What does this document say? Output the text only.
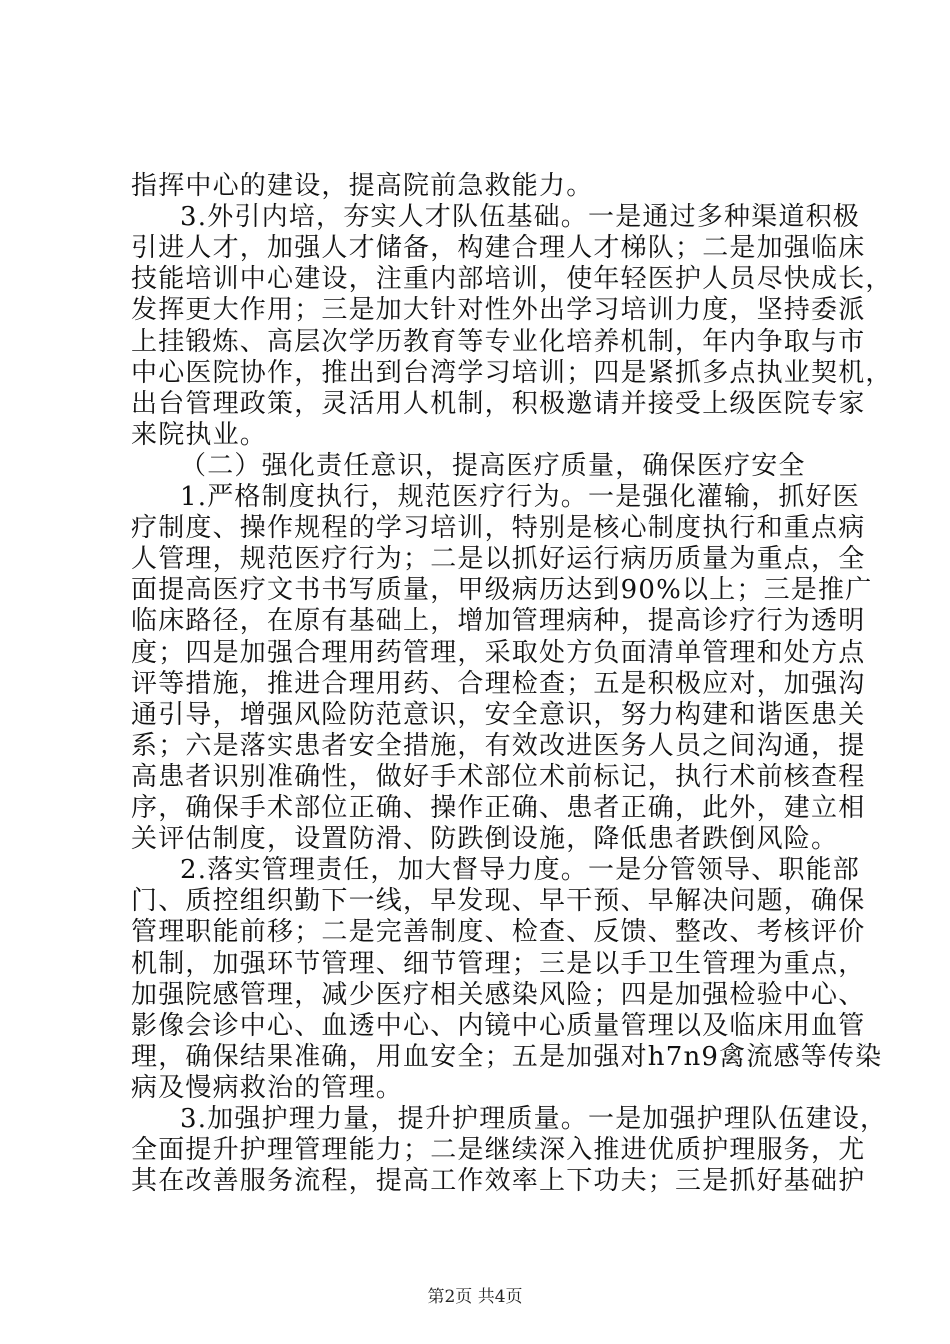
指挥中心的建设，提高院前急救能力。
3.外引内培，夯实人才队伍基础。一是通过多种渠道积极
引进人才，加强人才储备，构建合理人才梯队；二是加强临床
技能培训中心建设，注重内部培训，使年轻医护人员尽快成长，
发挥更大作用；三是加大针对性外出学习培训力度，坚持委派
上挂锻炼、高层次学历教育等专业化培养机制，年内争取与市
中心医院协作，推出到台湾学习培训；四是紧抓多点执业契机，
出台管理政策，灵活用人机制，积极邀请并接受上级医院专家
来院执业。
（二）强化责任意识，提高医疗质量，确保医疗安全
1.严格制度执行，规范医疗行为。一是强化灌输，抓好医
疗制度、操作规程的学习培训，特别是核心制度执行和重点病
人管理，规范医疗行为；二是以抓好运行病历质量为重点，全
面提高医疗文书书写质量，甲级病历达到90%以上；三是推广
临床路径，在原有基础上，增加管理病种，提高诊疗行为透明
度；四是加强合理用药管理，采取处方负面清单管理和处方点
评等措施，推进合理用药、合理检查；五是积极应对，加强沟
通引导，增强风险防范意识，安全意识，努力构建和谐医患关
系；六是落实患者安全措施，有效改进医务人员之间沟通，提
高患者识别准确性，做好手术部位术前标记，执行术前核查程
序，确保手术部位正确、操作正确、患者正确，此外，建立相
关评估制度，设置防滑、防跌倒设施，降低患者跌倒风险。
2.落实管理责任，加大督导力度。一是分管领导、职能部
门、质控组织勤下一线，早发现、早干预、早解决问题，确保
管理职能前移；二是完善制度、检查、反馈、整改、考核评价
机制，加强环节管理、细节管理；三是以手卫生管理为重点，
加强院感管理，减少医疗相关感染风险；四是加强检验中心、
影像会诊中心、血透中心、内镜中心质量管理以及临床用血管
理，确保结果准确，用血安全；五是加强对h7n9禽流感等传染
病及慢病救治的管理。
第2页 共4页
3.加强护理力量，提升护理质量。一是加强护理队伍建设，
全面提升护理管理能力；二是继续深入推进优质护理服务，尤
其在改善服务流程，提高工作效率上下功夫；三是抓好基础护
